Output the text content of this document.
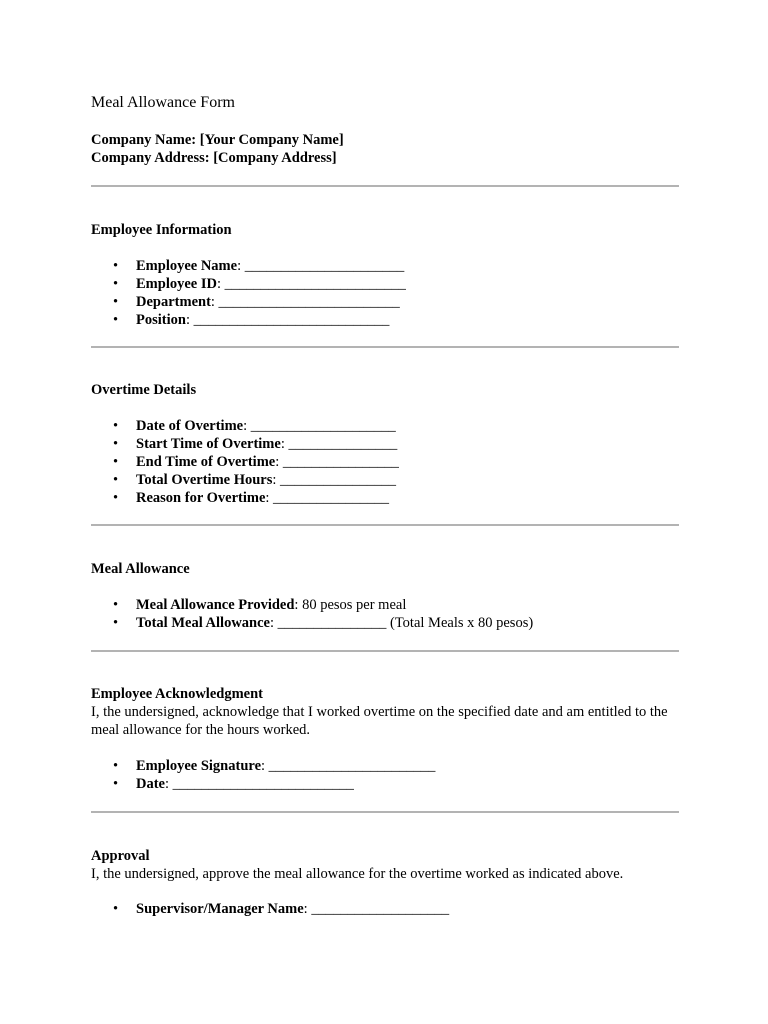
Meal Allowance Form
Company Name: [Your Company Name]
Company Address: [Company Address]
Employee Information
• Employee Name: ______________________
• Employee ID: _________________________
• Department: _________________________
• Position: ___________________________
Overtime Details
• Date of Overtime: ____________________
• Start Time of Overtime: _______________
• End Time of Overtime: ________________
• Total Overtime Hours: ________________
• Reason for Overtime: ________________
Meal Allowance
• Meal Allowance Provided: 80 pesos per meal
• Total Meal Allowance: _______________ (Total Meals x 80 pesos)
Employee Acknowledgment

I, the undersigned, acknowledge that I worked overtime on the specified date and am entitled to the meal allowance for the hours worked.

• Employee Signature: _______________________
• Date: _________________________
Approval

I, the undersigned, approve the meal allowance for the overtime worked as indicated above.

• Supervisor/Manager Name: ___________________
